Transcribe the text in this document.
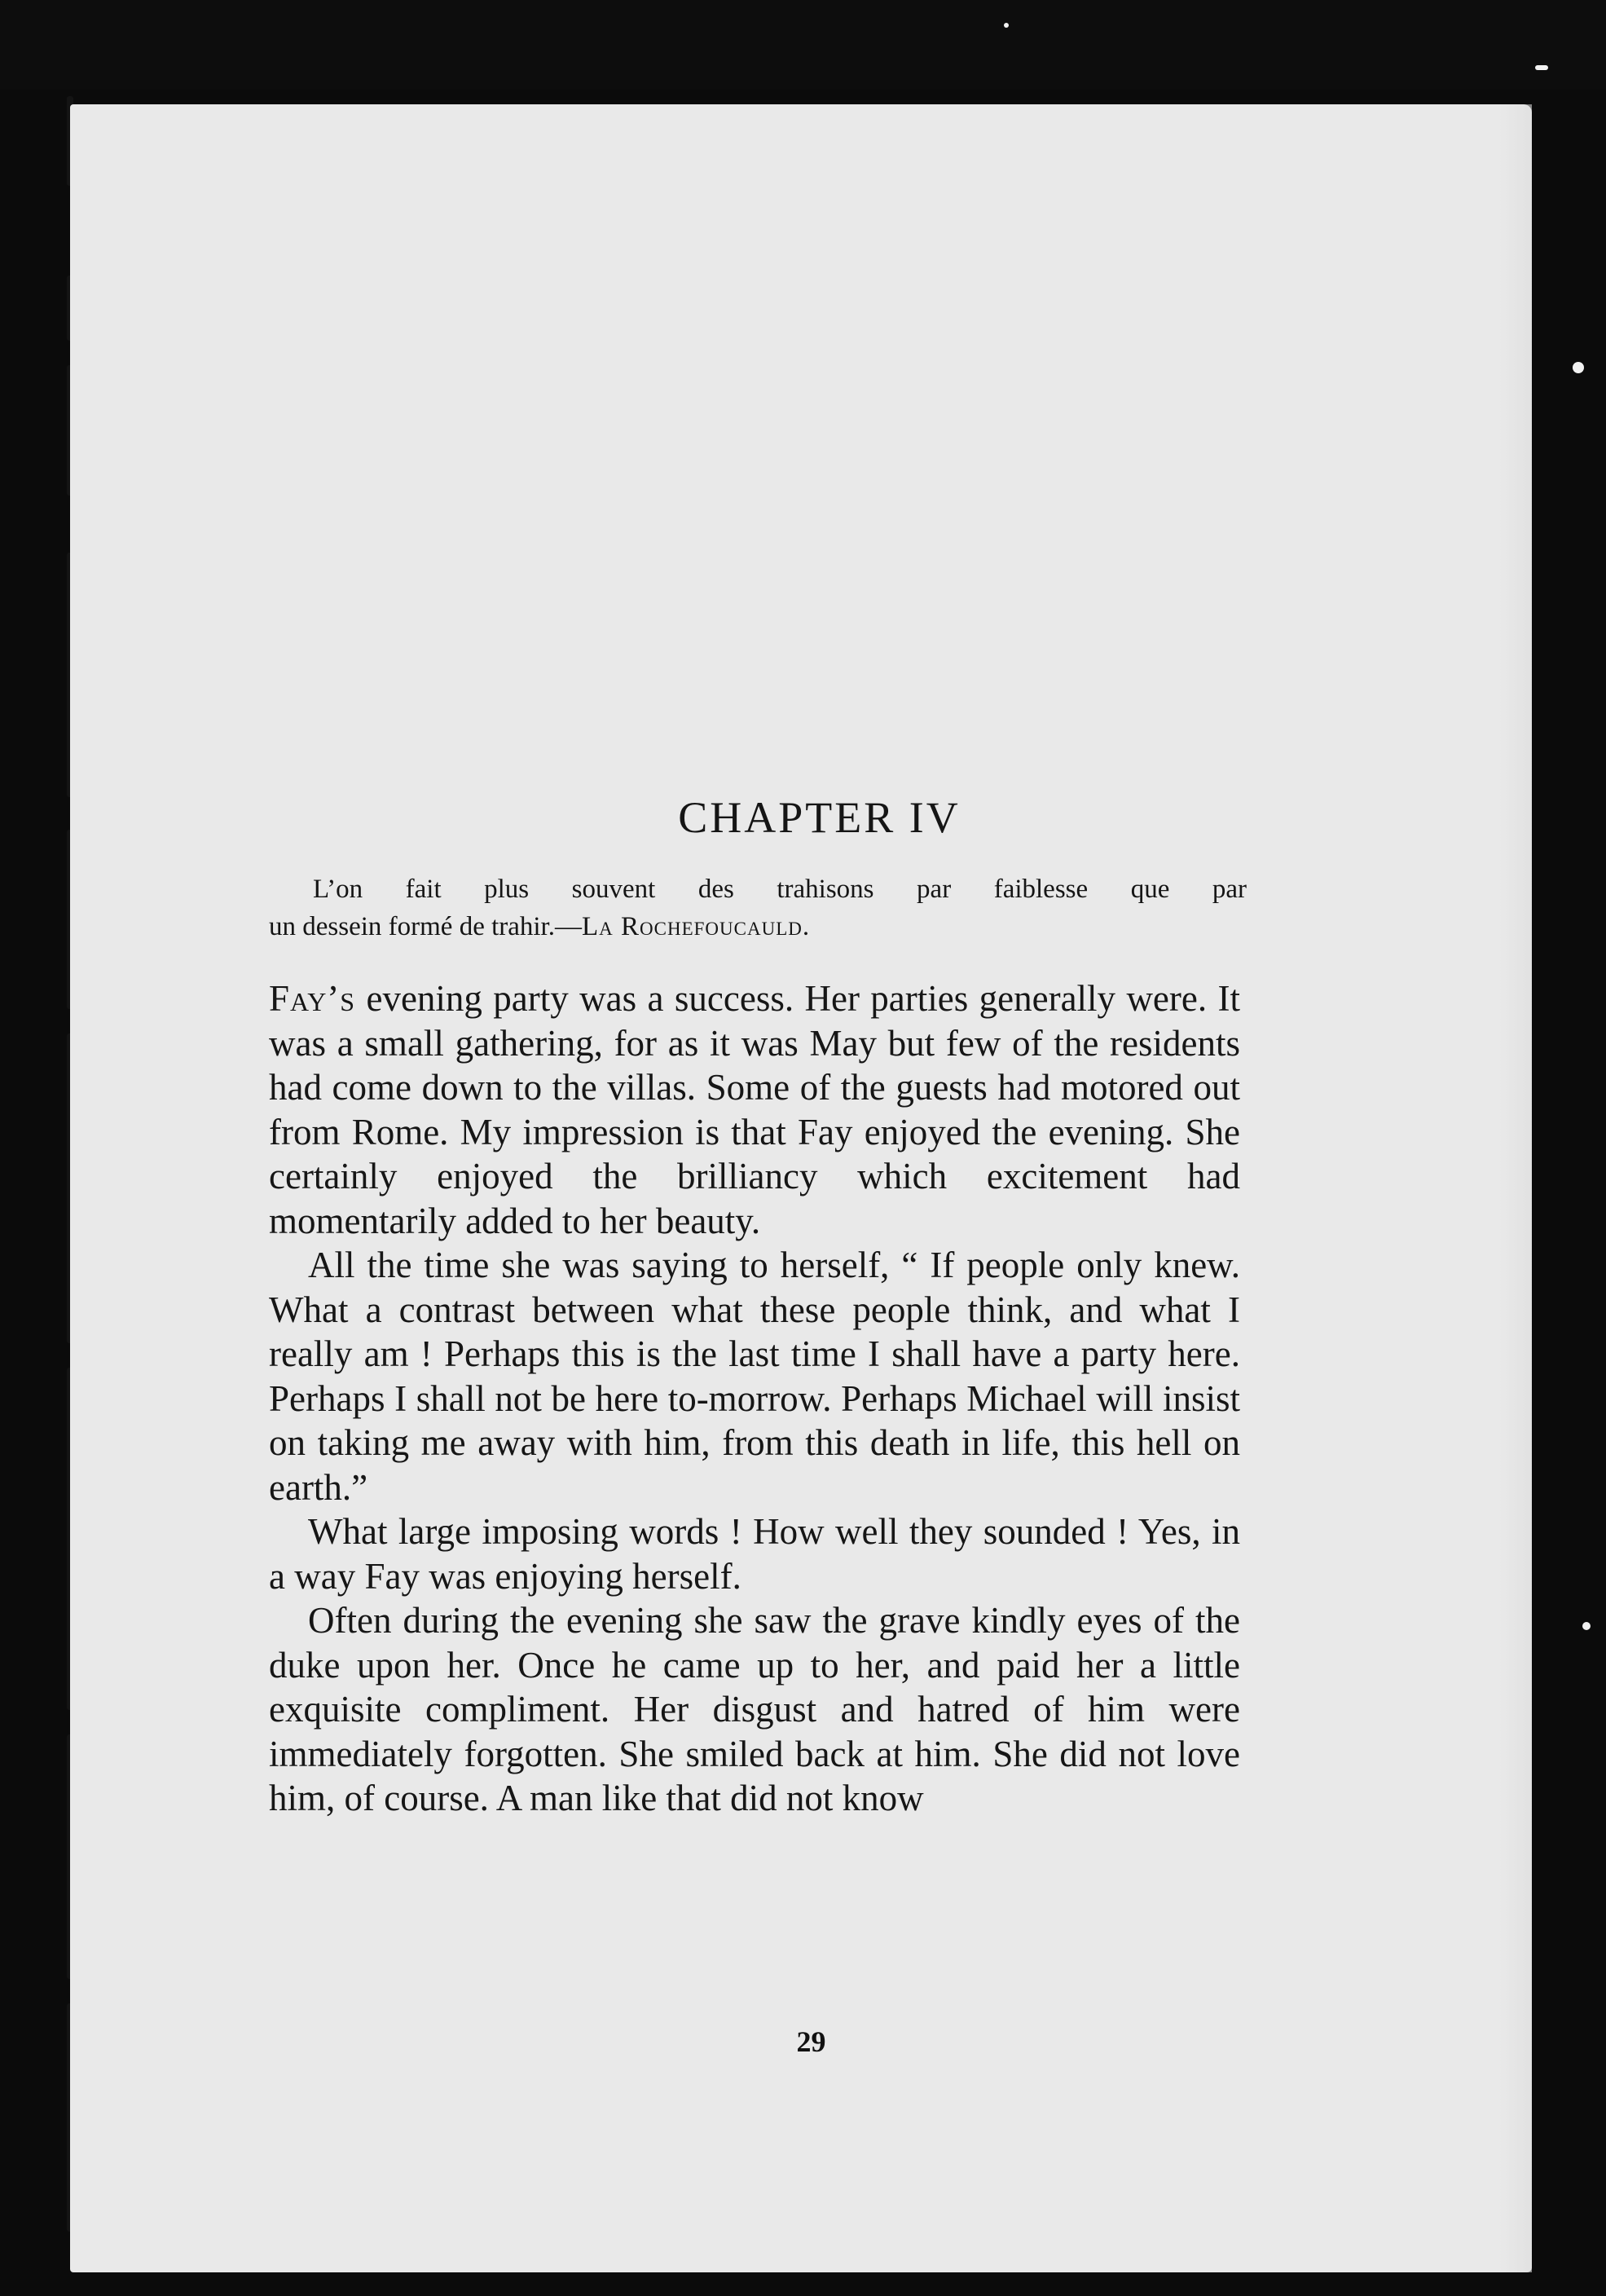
CHAPTER IV
L’on fait plus souvent des trahisons par faiblesse que par
un dessein formé de trahir.—La Rochefoucauld.

Fay’s evening party was a success. Her parties generally were. It was a small gathering, for as it was May but few of the residents had come down to the villas. Some of the guests had motored out from Rome. My impression is that Fay enjoyed the evening. She certainly enjoyed the brilliancy which excitement had momentarily added to her beauty.

All the time she was saying to herself, “ If people only knew. What a contrast between what these people think, and what I really am ! Perhaps this is the last time I shall have a party here. Perhaps I shall not be here to-morrow. Perhaps Michael will insist on taking me away with him, from this death in life, this hell on earth.”

What large imposing words ! How well they sounded ! Yes, in a way Fay was enjoying herself.

Often during the evening she saw the grave kindly eyes of the duke upon her. Once he came up to her, and paid her a little exquisite compliment. Her disgust and hatred of him were immediately forgotten. She smiled back at him. She did not love him, of course. A man like that did not know

29
